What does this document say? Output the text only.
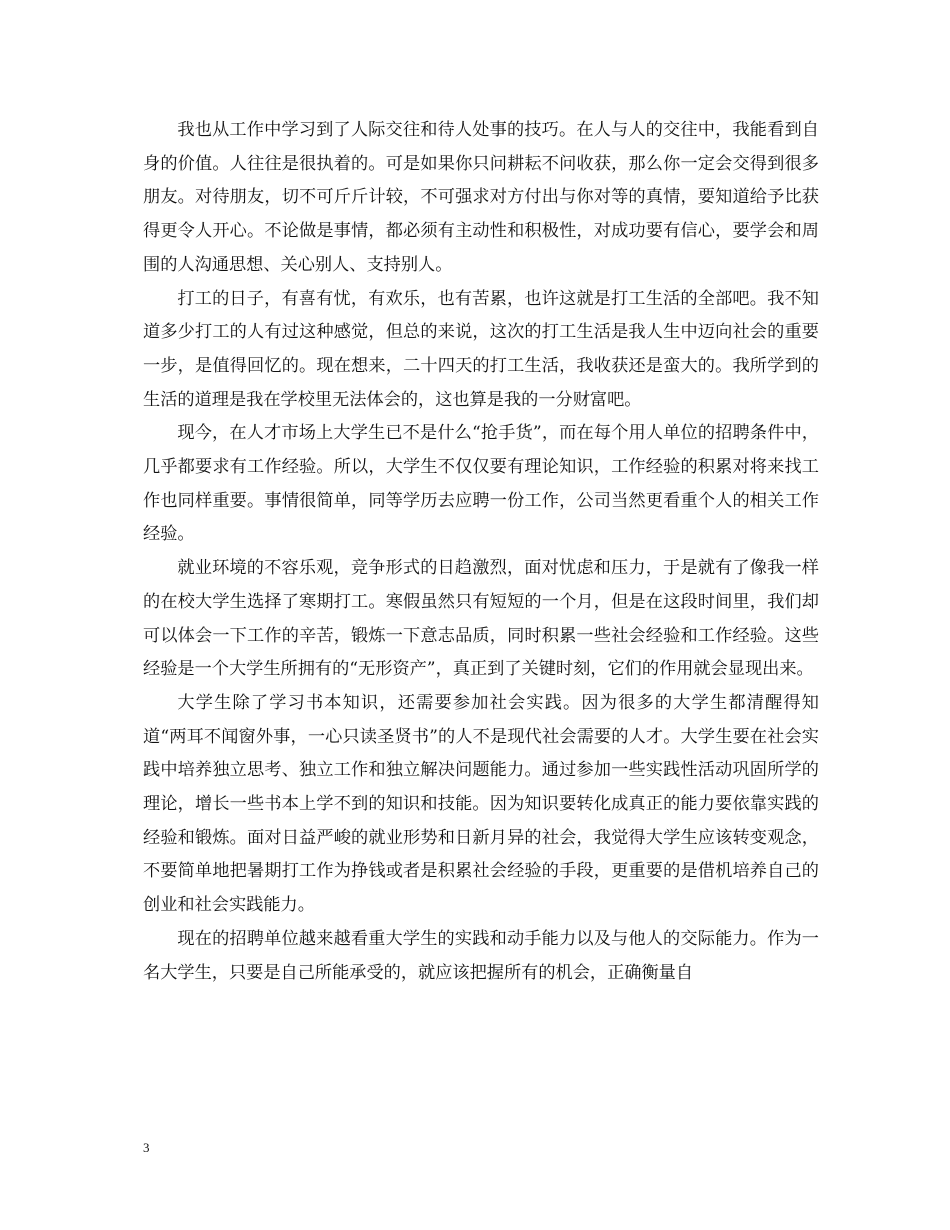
我也从工作中学习到了人际交往和待人处事的技巧。在人与人的交往中，我能看到自身的价值。人往往是很执着的。可是如果你只问耕耘不问收获，那么你一定会交得到很多朋友。对待朋友，切不可斤斤计较，不可强求对方付出与你对等的真情，要知道给予比获得更令人开心。不论做是事情，都必须有主动性和积极性，对成功要有信心，要学会和周围的人沟通思想、关心别人、支持别人。

打工的日子，有喜有忧，有欢乐，也有苦累，也许这就是打工生活的全部吧。我不知道多少打工的人有过这种感觉，但总的来说，这次的打工生活是我人生中迈向社会的重要一步，是值得回忆的。现在想来，二十四天的打工生活，我收获还是蛮大的。我所学到的生活的道理是我在学校里无法体会的，这也算是我的一分财富吧。

现今，在人才市场上大学生已不是什么“抢手货”，而在每个用人单位的招聘条件中，几乎都要求有工作经验。所以，大学生不仅仅要有理论知识，工作经验的积累对将来找工作也同样重要。事情很简单，同等学历去应聘一份工作，公司当然更看重个人的相关工作经验。

就业环境的不容乐观，竞争形式的日趋激烈，面对忧虑和压力，于是就有了像我一样的在校大学生选择了寒期打工。寒假虽然只有短短的一个月，但是在这段时间里，我们却可以体会一下工作的辛苦，锻炼一下意志品质，同时积累一些社会经验和工作经验。这些经验是一个大学生所拥有的“无形资产”，真正到了关键时刻，它们的作用就会显现出来。

大学生除了学习书本知识，还需要参加社会实践。因为很多的大学生都清醒得知道“两耳不闻窗外事，一心只读圣贤书”的人不是现代社会需要的人才。大学生要在社会实践中培养独立思考、独立工作和独立解决问题能力。通过参加一些实践性活动巩固所学的理论，增长一些书本上学不到的知识和技能。因为知识要转化成真正的能力要依靠实践的经验和锻炼。面对日益严峻的就业形势和日新月异的社会，我觉得大学生应该转变观念，不要简单地把暑期打工作为挣钱或者是积累社会经验的手段，更重要的是借机培养自己的创业和社会实践能力。

现在的招聘单位越来越看重大学生的实践和动手能力以及与他人的交际能力。作为一名大学生，只要是自己所能承受的，就应该把握所有的机会，正确衡量自

3
